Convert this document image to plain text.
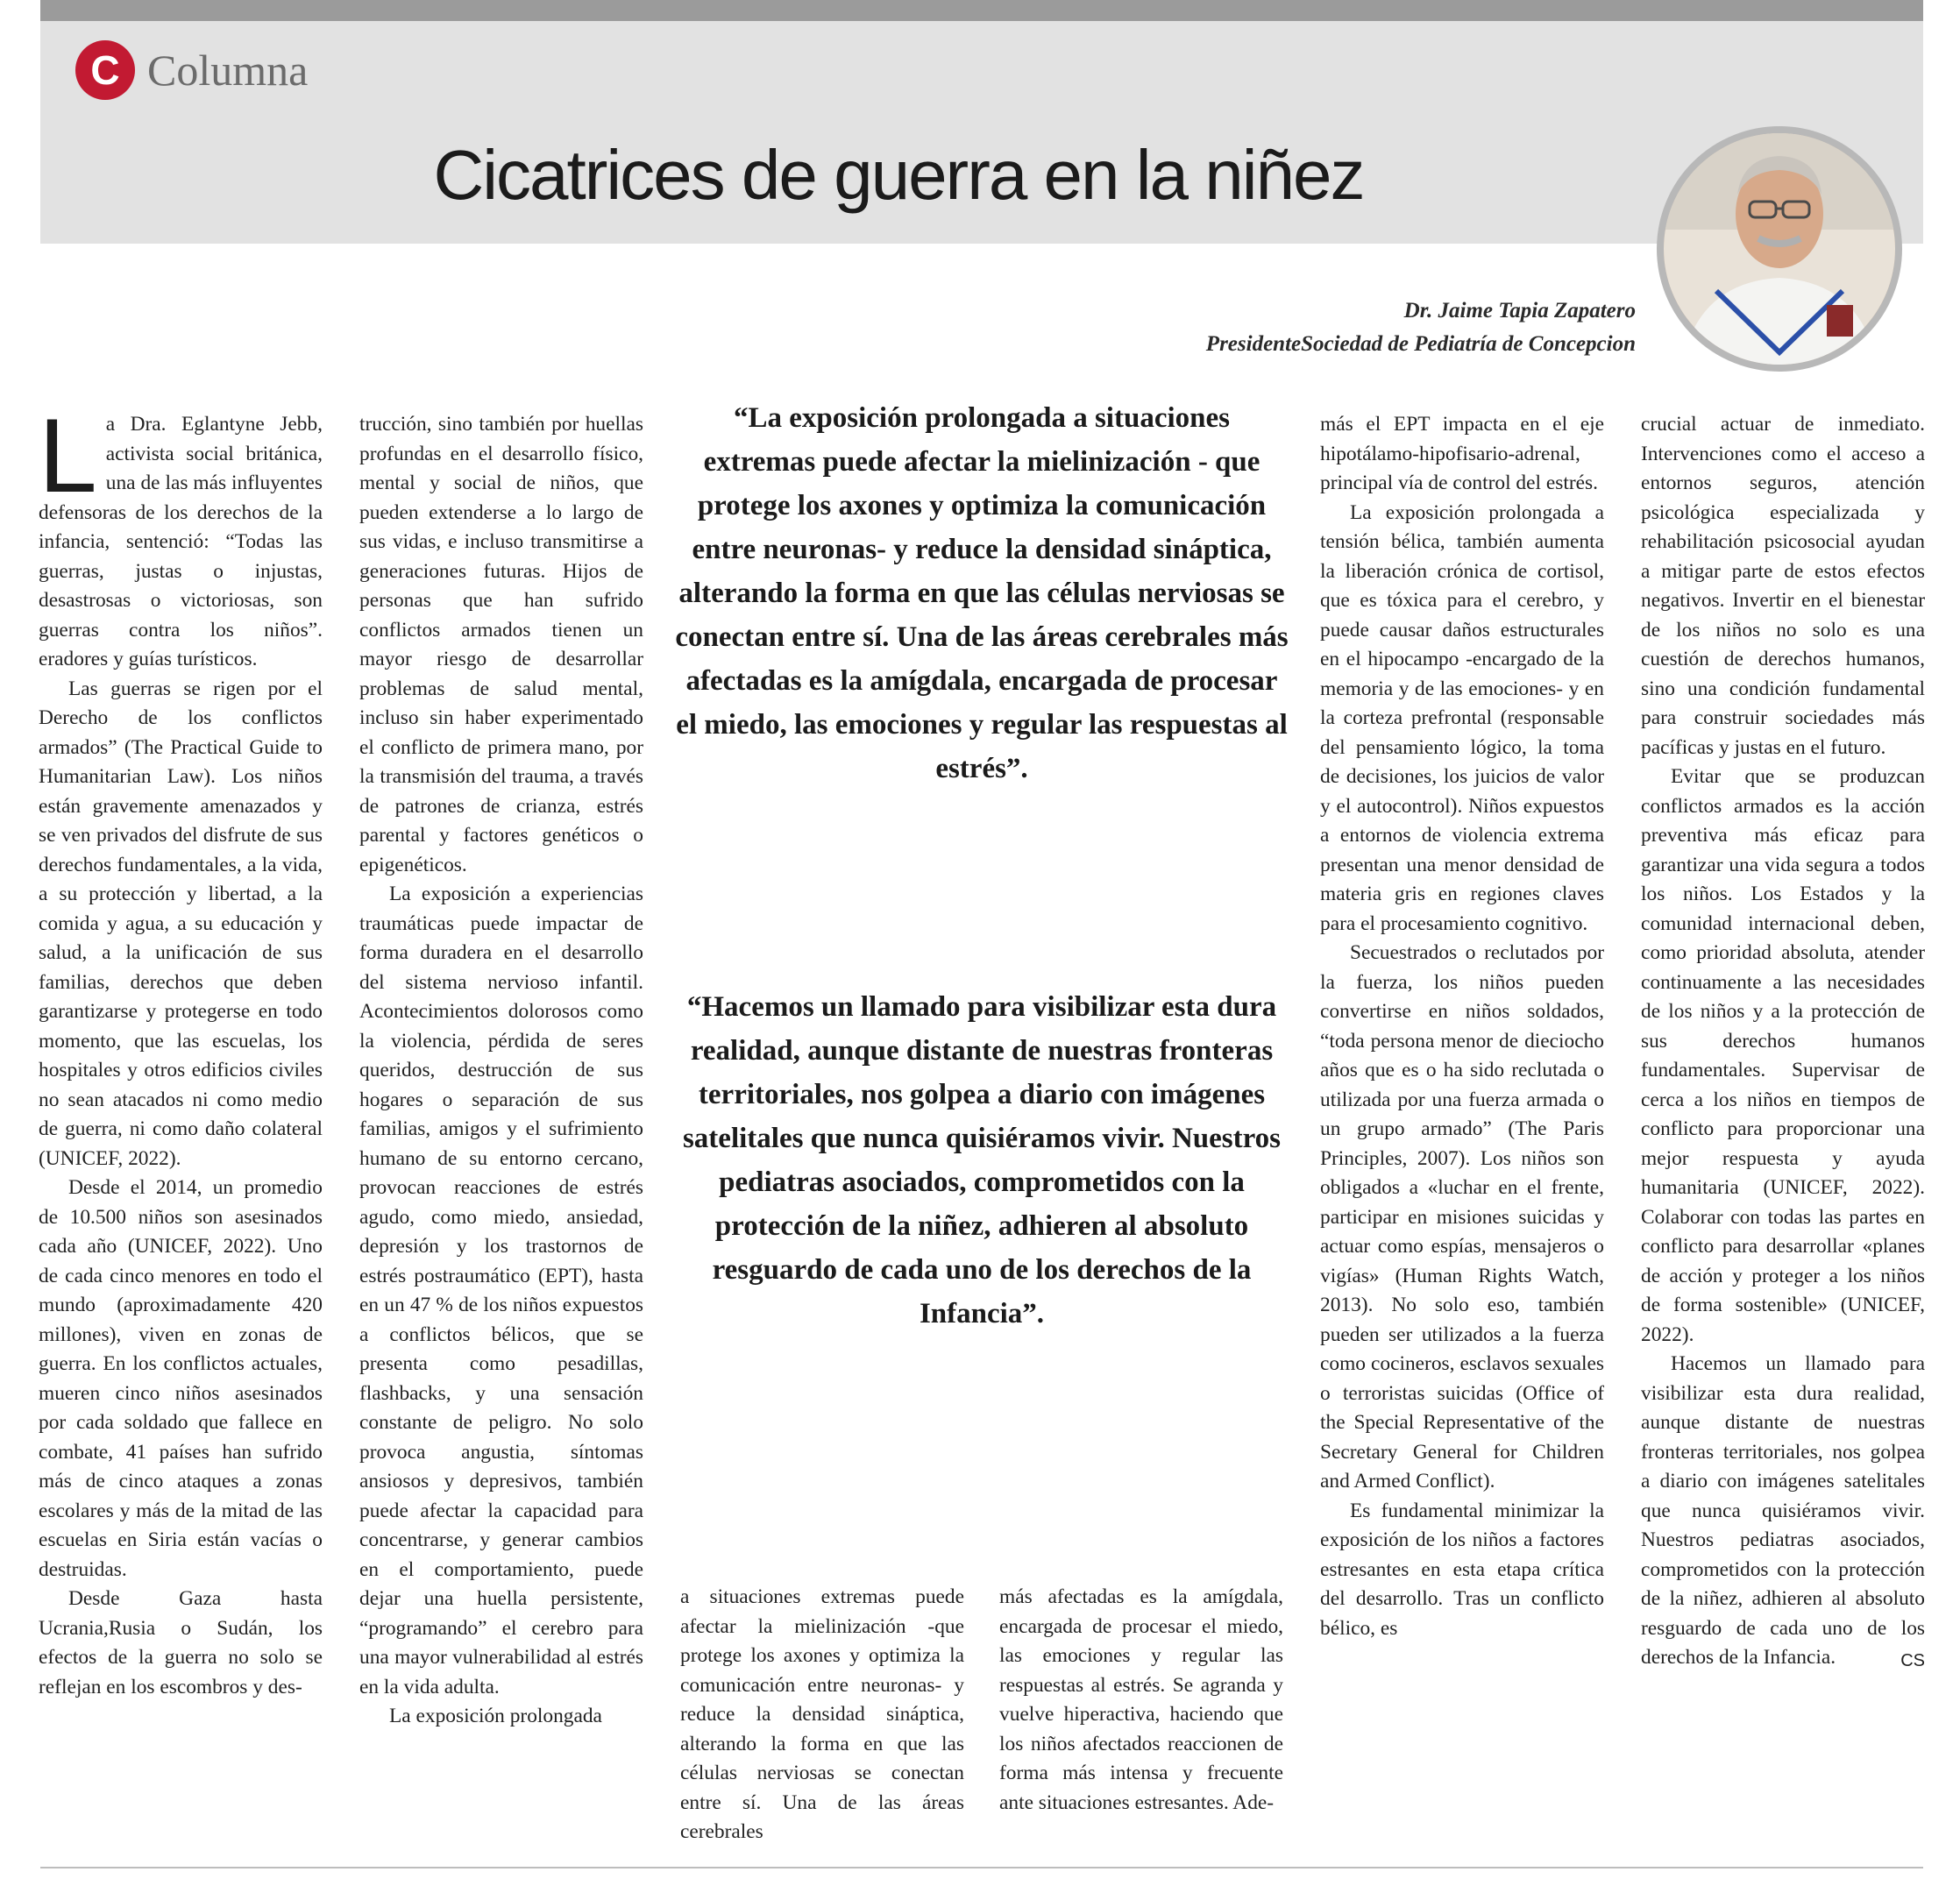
C Columna
Cicatrices de guerra en la niñez
Dr. Jaime Tapia Zapatero
PresidenteSociedad de Pediatría de Concepcion

La Dra. Eglantyne Jebb, activista social británica, una de las más influyentes defensoras de los derechos de la infancia, sentenció: “Todas las guerras, justas o injustas, desastrosas o victoriosas, son guerras contra los niños”. eradores y guías turísticos.

Las guerras se rigen por el Derecho de los conflictos armados” (The Practical Guide to Humanitarian Law). Los niños están gravemente amenazados y se ven privados del disfrute de sus derechos fundamentales, a la vida, a su protección y libertad, a la comida y agua, a su educación y salud, a la unificación de sus familias, derechos que deben garantizarse y protegerse en todo momento, que las escuelas, los hospitales y otros edificios civiles no sean atacados ni como medio de guerra, ni como daño colateral (UNICEF, 2022).

Desde el 2014, un promedio de 10.500 niños son asesinados cada año (UNICEF, 2022). Uno de cada cinco menores en todo el mundo (aproximadamente 420 millones), viven en zonas de guerra. En los conflictos actuales, mueren cinco niños asesinados por cada soldado que fallece en combate, 41 países han sufrido más de cinco ataques a zonas escolares y más de la mitad de las escuelas en Siria están vacías o destruidas.

Desde Gaza hasta Ucrania,Rusia o Sudán, los efectos de la guerra no solo se reflejan en los escombros y des-

trucción, sino también por huellas profundas en el desarrollo físico, mental y social de niños, que pueden extenderse a lo largo de sus vidas, e incluso transmitirse a generaciones futuras. Hijos de personas que han sufrido conflictos armados tienen un mayor riesgo de desarrollar problemas de salud mental, incluso sin haber experimentado el conflicto de primera mano, por la transmisión del trauma, a través de patrones de crianza, estrés parental y factores genéticos o epigenéticos.

La exposición a experiencias traumáticas puede impactar de forma duradera en el desarrollo del sistema nervioso infantil. Acontecimientos dolorosos como la violencia, pérdida de seres queridos, destrucción de sus hogares o separación de sus familias, amigos y el sufrimiento humano de su entorno cercano, provocan reacciones de estrés agudo, como miedo, ansiedad, depresión y los trastornos de estrés postraumático (EPT), hasta en un 47 % de los niños expuestos a conflictos bélicos, que se presenta como pesadillas, flashbacks, y una sensación constante de peligro. No solo provoca angustia, síntomas ansiosos y depresivos, también puede afectar la capacidad para concentrarse, y generar cambios en el comportamiento, puede dejar una huella persistente, “programando” el cerebro para una mayor vulnerabilidad al estrés en la vida adulta.

La exposición prolongada

“La exposición prolongada a situaciones extremas puede afectar la mielinización - que protege los axones y optimiza la comunicación entre neuronas- y reduce la densidad sináptica, alterando la forma en que las células nerviosas se conectan entre sí. Una de las áreas cerebrales más afectadas es la amígdala, encargada de procesar el miedo, las emociones y regular las respuestas al estrés”.

“Hacemos un llamado para visibilizar esta dura realidad, aunque distante de nuestras fronteras territoriales, nos golpea a diario con imágenes satelitales que nunca quisiéramos vivir. Nuestros pediatras asociados, comprometidos con la protección de la niñez, adhieren al absoluto resguardo de cada uno de los derechos de la Infancia”.

a situaciones extremas puede afectar la mielinización -que protege los axones y optimiza la comunicación entre neuronas- y reduce la densidad sináptica, alterando la forma en que las células nerviosas se conectan entre sí. Una de las áreas cerebrales

más afectadas es la amígdala, encargada de procesar el miedo, las emociones y regular las respuestas al estrés. Se agranda y vuelve hiperactiva, haciendo que los niños afectados reaccionen de forma más intensa y frecuente ante situaciones estresantes. Ade-

más el EPT impacta en el eje hipotálamo-hipofisario-adrenal, principal vía de control del estrés.

La exposición prolongada a tensión bélica, también aumenta la liberación crónica de cortisol, que es tóxica para el cerebro, y puede causar daños estructurales en el hipocampo -encargado de la memoria y de las emociones- y en la corteza prefrontal (responsable del pensamiento lógico, la toma de decisiones, los juicios de valor y el autocontrol). Niños expuestos a entornos de violencia extrema presentan una menor densidad de materia gris en regiones claves para el procesamiento cognitivo.

Secuestrados o reclutados por la fuerza, los niños pueden convertirse en niños soldados, “toda persona menor de dieciocho años que es o ha sido reclutada o utilizada por una fuerza armada o un grupo armado” (The Paris Principles, 2007). Los niños son obligados a «luchar en el frente, participar en misiones suicidas y actuar como espías, mensajeros o vigías» (Human Rights Watch, 2013). No solo eso, también pueden ser utilizados a la fuerza como cocineros, esclavos sexuales o terroristas suicidas (Office of the Special Representative of the Secretary General for Children and Armed Conflict).

Es fundamental minimizar la exposición de los niños a factores estresantes en esta etapa crítica del desarrollo. Tras un conflicto bélico, es

crucial actuar de inmediato. Intervenciones como el acceso a entornos seguros, atención psicológica especializada y rehabilitación psicosocial ayudan a mitigar parte de estos efectos negativos. Invertir en el bienestar de los niños no solo es una cuestión de derechos humanos, sino una condición fundamental para construir sociedades más pacíficas y justas en el futuro.

Evitar que se produzcan conflictos armados es la acción preventiva más eficaz para garantizar una vida segura a todos los niños. Los Estados y la comunidad internacional deben, como prioridad absoluta, atender continuamente a las necesidades de los niños y a la protección de sus derechos humanos fundamentales. Supervisar de cerca a los niños en tiempos de conflicto para proporcionar una mejor respuesta y ayuda humanitaria (UNICEF, 2022). Colaborar con todas las partes en conflicto para desarrollar «planes de acción y proteger a los niños de forma sostenible» (UNICEF, 2022).

Hacemos un llamado para visibilizar esta dura realidad, aunque distante de nuestras fronteras territoriales, nos golpea a diario con imágenes satelitales que nunca quisiéramos vivir. Nuestros pediatras asociados, comprometidos con la protección de la niñez, adhieren al absoluto resguardo de cada uno de los derechos de la Infancia.	CS
